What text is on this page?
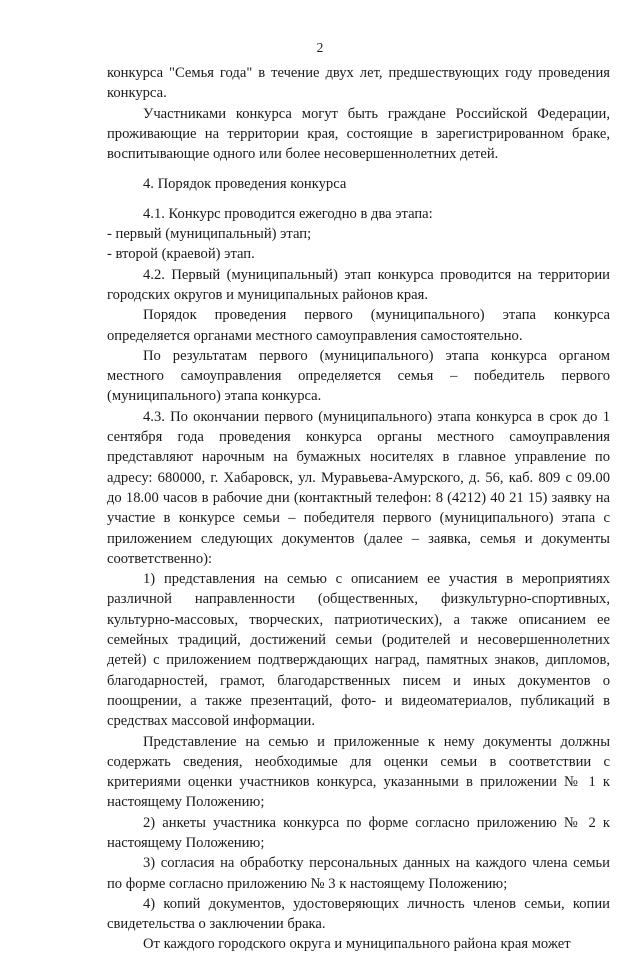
2

конкурса "Семья года" в течение двух лет, предшествующих году проведения конкурса.

Участниками конкурса могут быть граждане Российской Федерации, проживающие на территории края, состоящие в зарегистрированном браке, воспитывающие одного или более несовершеннолетних детей.

4. Порядок проведения конкурса

4.1. Конкурс проводится ежегодно в два этапа:

- первый (муниципальный) этап;

- второй (краевой) этап.

4.2. Первый (муниципальный) этап конкурса проводится на территории городских округов и муниципальных районов края.

Порядок проведения первого (муниципального) этапа конкурса определяется органами местного самоуправления самостоятельно.

По результатам первого (муниципального) этапа конкурса органом местного самоуправления определяется семья – победитель первого (муниципального) этапа конкурса.

4.3. По окончании первого (муниципального) этапа конкурса в срок до 1 сентября года проведения конкурса органы местного самоуправления представляют нарочным на бумажных носителях в главное управление по адресу: 680000, г. Хабаровск, ул. Муравьева-Амурского, д. 56, каб. 809 с 09.00 до 18.00 часов в рабочие дни (контактный телефон: 8 (4212) 40 21 15) заявку на участие в конкурсе семьи – победителя первого (муниципального) этапа с приложением следующих документов (далее – заявка, семья и документы соответственно):

1) представления на семью с описанием ее участия в мероприятиях различной направленности (общественных, физкультурно-спортивных, культурно-массовых, творческих, патриотических), а также описанием ее семейных традиций, достижений семьи (родителей и несовершеннолетних детей) с приложением подтверждающих наград, памятных знаков, дипломов, благодарностей, грамот, благодарственных писем и иных документов о поощрении, а также презентаций, фото- и видеоматериалов, публикаций в средствах массовой информации.

Представление на семью и приложенные к нему документы должны содержать сведения, необходимые для оценки семьи в соответствии с критериями оценки участников конкурса, указанными в приложении № 1 к настоящему Положению;

2) анкеты участника конкурса по форме согласно приложению № 2 к настоящему Положению;

3) согласия на обработку персональных данных на каждого члена семьи по форме согласно приложению № 3 к настоящему Положению;

4) копий документов, удостоверяющих личность членов семьи, копии свидетельства о заключении брака.

От каждого городского округа и муниципального района края может
